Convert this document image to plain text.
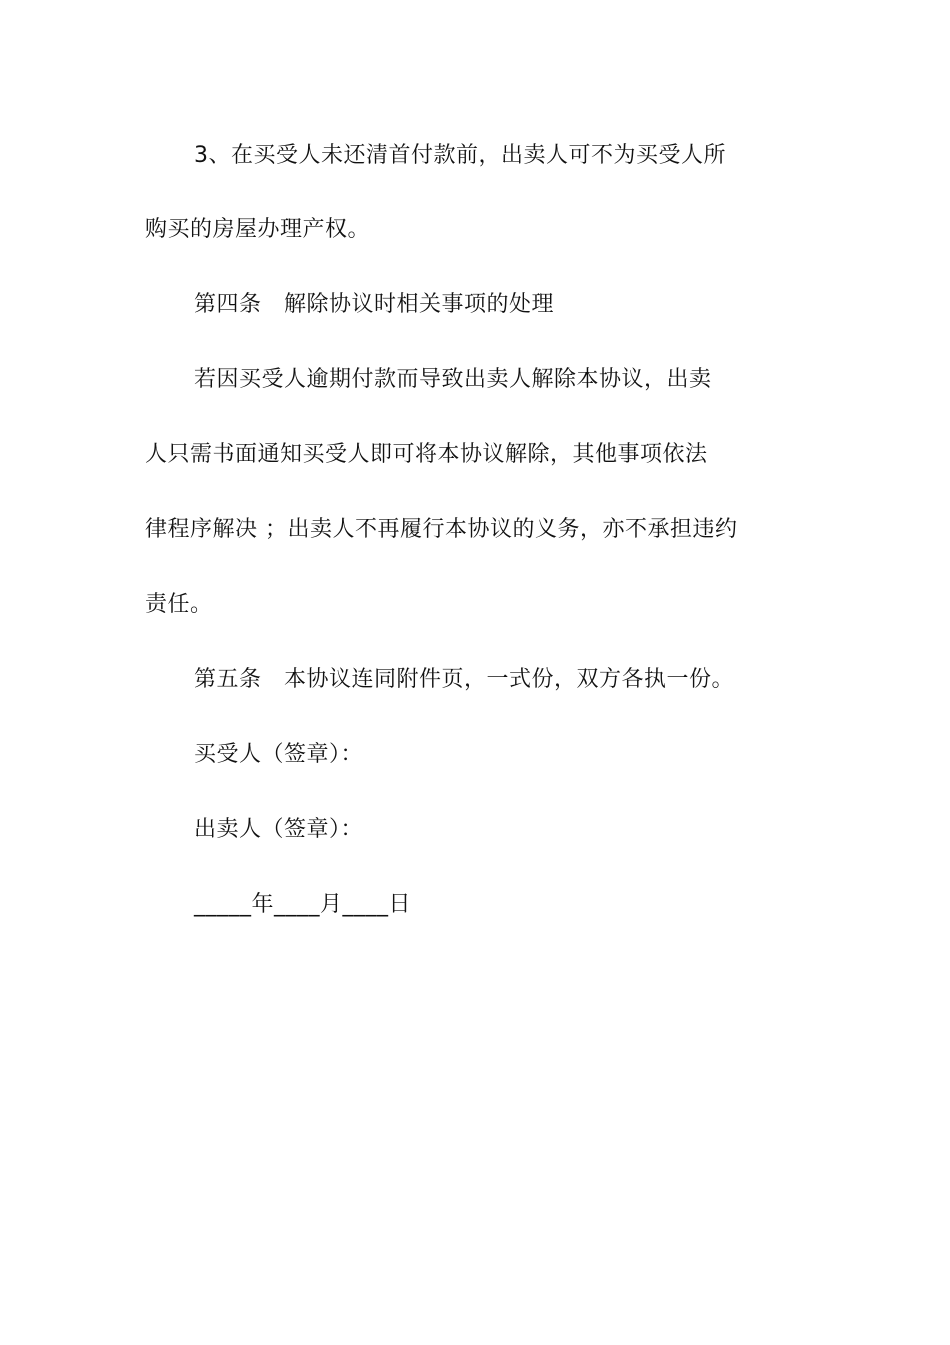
3、在买受人未还清首付款前，出卖人可不为买受人所
购买的房屋办理产权。
第四条　解除协议时相关事项的处理
若因买受人逾期付款而导致出卖人解除本协议，出卖
人只需书面通知买受人即可将本协议解除，其他事项依法
律程序解决 ；出卖人不再履行本协议的义务，亦不承担违约
责任。
第五条　本协议连同附件页，一式份，双方各执一份。
买受人（签章）：
出卖人（签章）：
_____年____月____日
